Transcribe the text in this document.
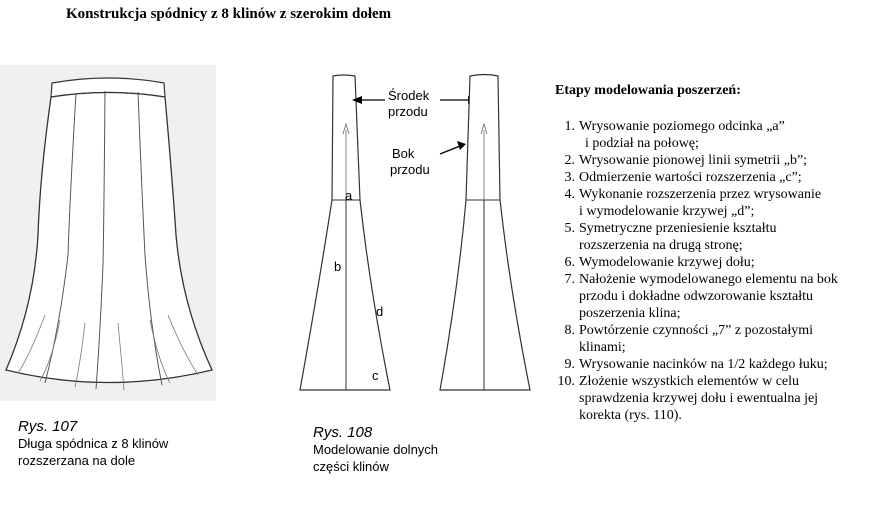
Konstrukcja spódnicy z 8 klinów z szerokim dołem
Rys. 107
Długa spódnica z 8 klinów
rozszerzana na dole
a
b
d
c
Środek
przodu
Bok
przodu
Rys. 108
Modelowanie dolnych
części klinów
Etapy modelowania poszerzeń:
1. Wrysowanie poziomego odcinka „a”
i podział na połowę;
2. Wrysowanie pionowej linii symetrii „b”;
3. Odmierzenie wartości rozszerzenia „c”;
4. Wykonanie rozszerzenia przez wrysowanie
i wymodelowanie krzywej „d”;
5. Symetryczne przeniesienie kształtu
rozszerzenia na drugą stronę;
6. Wymodelowanie krzywej dołu;
7. Nałożenie wymodelowanego elementu na bok
przodu i dokładne odwzorowanie kształtu
poszerzenia klina;
8. Powtórzenie czynności „7” z pozostałymi
klinami;
9. Wrysowanie nacinków na 1/2 każdego łuku;
10. Złożenie wszystkich elementów w celu
sprawdzenia krzywej dołu i ewentualna jej
korekta (rys. 110).
